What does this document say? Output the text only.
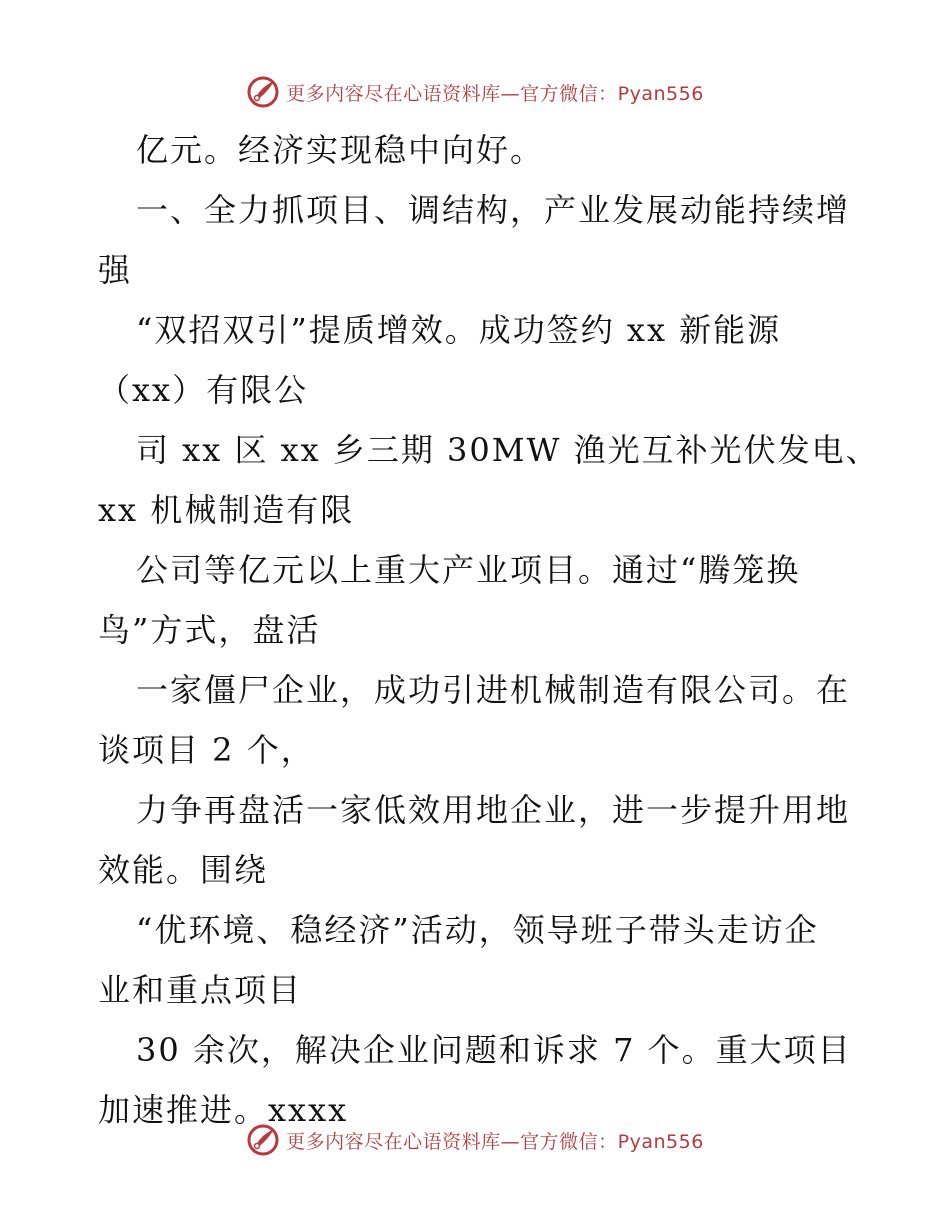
更多内容尽在心语资料库—官方微信：Pyan556
亿元。经济实现稳中向好。
一、全力抓项目、调结构，产业发展动能持续增
强
“双招双引”提质增效。成功签约 xx 新能源
（xx）有限公
司 xx 区 xx 乡三期 30MW 渔光互补光伏发电、
xx 机械制造有限
公司等亿元以上重大产业项目。通过“腾笼换
鸟”方式，盘活
一家僵尸企业，成功引进机械制造有限公司。在
谈项目 2 个，
力争再盘活一家低效用地企业，进一步提升用地
效能。围绕
“优环境、稳经济”活动，领导班子带头走访企
业和重点项目
30 余次，解决企业问题和诉求 7 个。重大项目
加速推进。xxxx
更多内容尽在心语资料库—官方微信：Pyan556
